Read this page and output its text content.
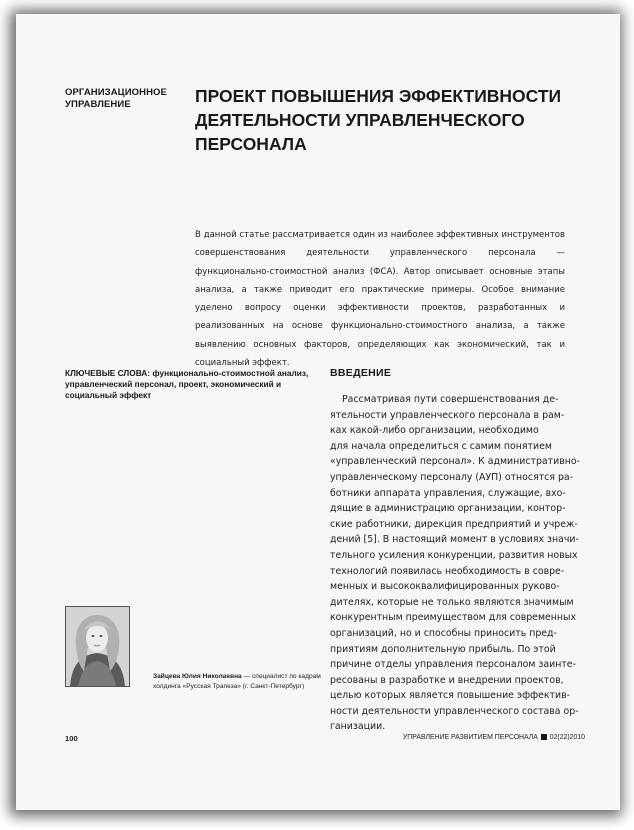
ОРГАНИЗАЦИОННОЕ
УПРАВЛЕНИЕ	ПРОЕКТ ПОВЫШЕНИЯ ЭФФЕКТИВНОСТИ
ДЕЯТЕЛЬНОСТИ УПРАВЛЕНЧЕСКОГО
ПЕРСОНАЛА
В данной статье рассматривается один из наиболее эффективных инструментов совершенствования деятельности управленческого персонала — функционально-стоимостной анализ (ФСА). Автор описывает основные этапы анализа, а также приводит его практические примеры. Особое внимание уделено вопросу оценки эффективности проектов, разработанных и реализованных на основе функционально-стоимостного анализа, а также выявлению основных факторов, определяющих как экономический, так и социальный эффект.
КЛЮЧЕВЫЕ СЛОВА: функционально-стоимостной анализ, управленческий персонал, проект, экономический и социальный эффект
ВВЕДЕНИЕ
Рассматривая пути совершенствования де-
ятельности управленческого персонала в рам-
ках какой-либо организации, необходимо
для начала определиться с самим понятием
«управленческий персонал». К административно-
управленческому персоналу (АУП) относятся ра-
ботники аппарата управления, служащие, вхо-
дящие в администрацию организации, контор-
ские работники, дирекция предприятий и учреж-
дений [5]. В настоящий момент в условиях значи-
тельного усиления конкуренции, развития новых
технологий появилась необходимость в совре-
менных и высококвалифицированных руково-
дителях, которые не только являются значимым
конкурентным преимуществом для современных
организаций, но и способны приносить пред-
приятиям дополнительную прибыль. По этой
причине отделы управления персоналом заинте-
ресованы в разработке и внедрении проектов,
целью которых является повышение эффектив-
ности деятельности управленческого состава ор-
ганизации.
Зайцева Юлия Николаевна — специалист по кадрам
холдинга «Русская Трапеза» (г. Санкт-Петербург)
100	УПРАВЛЕНИЕ РАЗВИТИЕМ ПЕРСОНАЛА 02(22)2010
